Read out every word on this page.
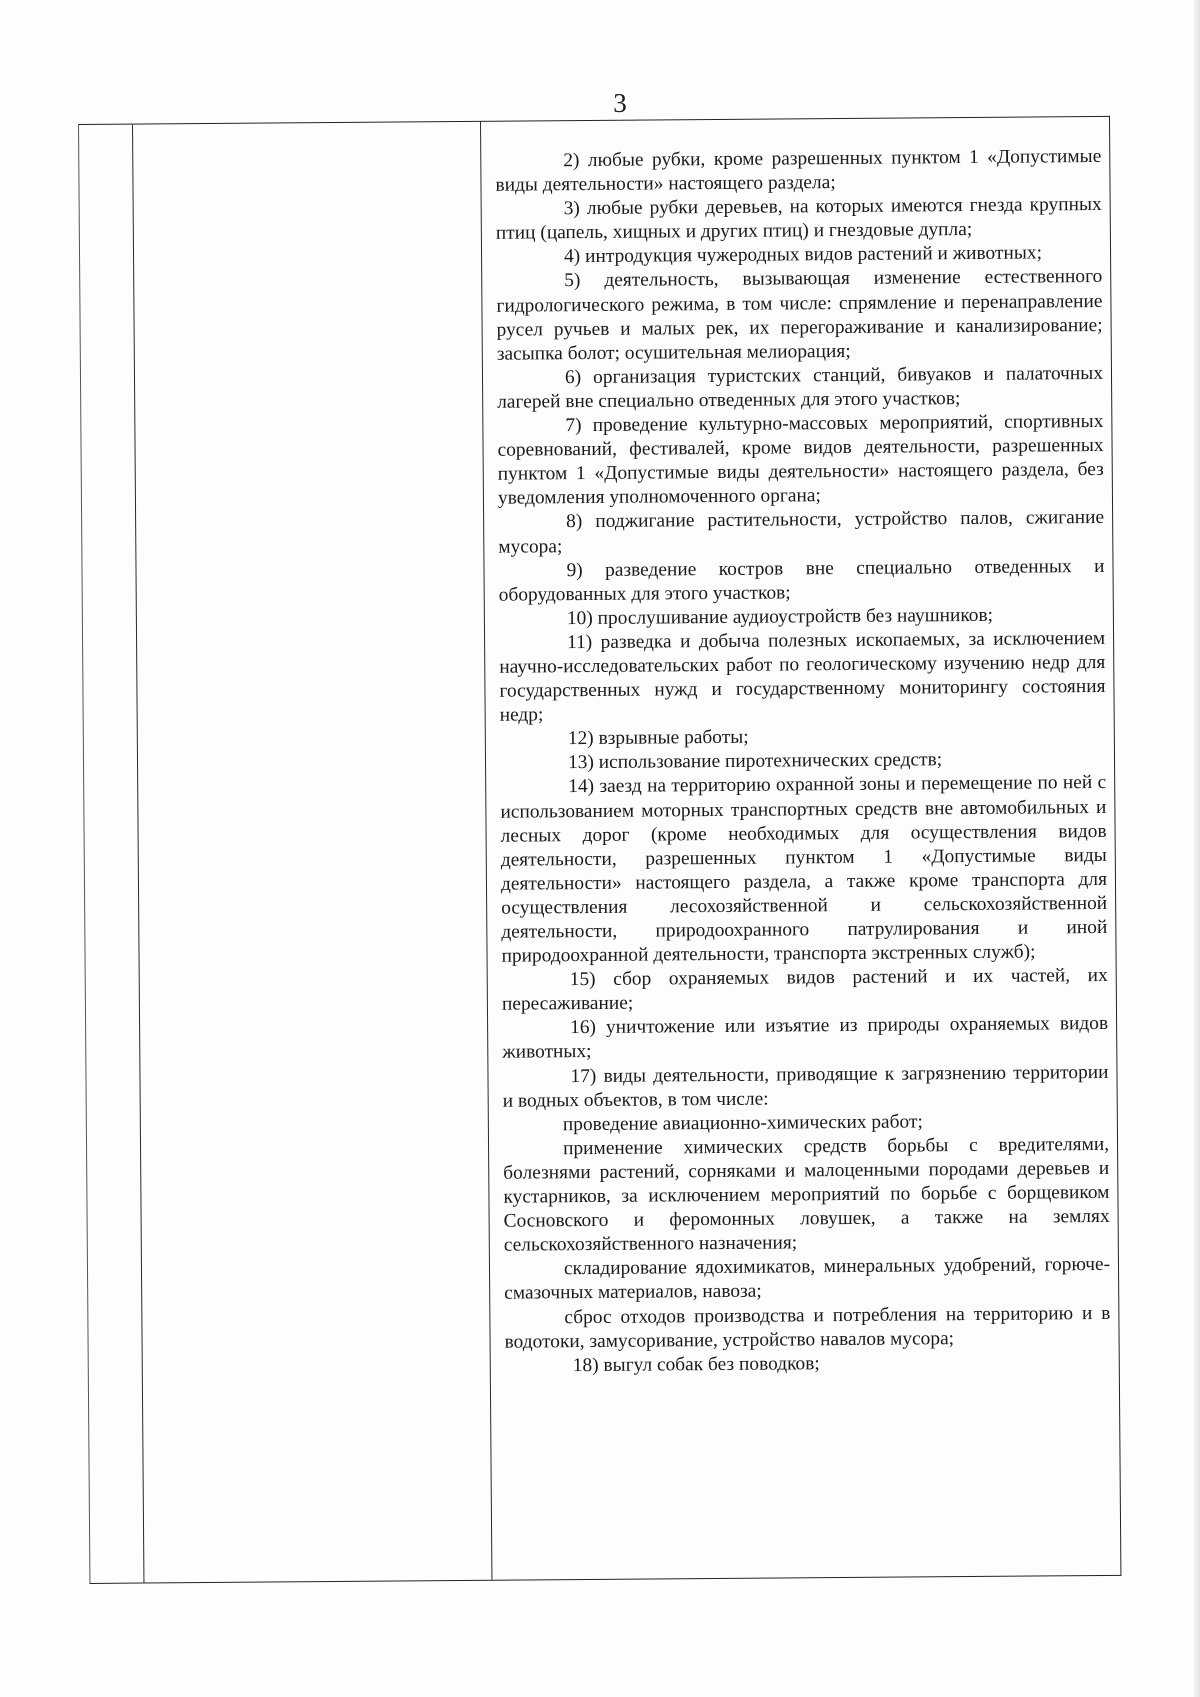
3

2) любые рубки, кроме разрешенных пунктом 1 «Допустимые виды деятельности» настоящего раздела;

3) любые рубки деревьев, на которых имеются гнезда крупных птиц (цапель, хищных и других птиц) и гнездовые дупла;

4) интродукция чужеродных видов растений и животных;

5) деятельность, вызывающая изменение естественного гидрологического режима, в том числе: спрямление и перенаправление русел ручьев и малых рек, их перегораживание и канализирование; засыпка болот; осушительная мелиорация;

6) организация туристских станций, бивуаков и палаточных лагерей вне специально отведенных для этого участков;

7) проведение культурно-массовых мероприятий, спортивных соревнований, фестивалей, кроме видов деятельности, разрешенных пунктом 1 «Допустимые виды деятельности» настоящего раздела, без уведомления уполномоченного органа;

8) поджигание растительности, устройство палов, сжигание мусора;

9) разведение костров вне специально отведенных и оборудованных для этого участков;

10) прослушивание аудиоустройств без наушников;

11) разведка и добыча полезных ископаемых, за исключением научно-исследовательских работ по геологическому изучению недр для государственных нужд и государственному мониторингу состояния недр;

12) взрывные работы;

13) использование пиротехнических средств;

14) заезд на территорию охранной зоны и перемещение по ней с использованием моторных транспортных средств вне автомобильных и лесных дорог (кроме необходимых для осуществления видов деятельности, разрешенных пунктом 1 «Допустимые виды деятельности» настоящего раздела, а также кроме транспорта для осуществления лесохозяйственной и сельскохозяйственной деятельности, природоохранного патрулирования и иной природоохранной деятельности, транспорта экстренных служб);

15) сбор охраняемых видов растений и их частей, их пересаживание;

16) уничтожение или изъятие из природы охраняемых видов животных;

17) виды деятельности, приводящие к загрязнению территории и водных объектов, в том числе:

проведение авиационно-химических работ;

применение химических средств борьбы с вредителями, болезнями растений, сорняками и малоценными породами деревьев и кустарников, за исключением мероприятий по борьбе с борщевиком Сосновского и феромонных ловушек, а также на землях сельскохозяйственного назначения;

складирование ядохимикатов, минеральных удобрений, горюче-смазочных материалов, навоза;

сброс отходов производства и потребления на территорию и в водотоки, замусоривание, устройство навалов мусора;

18) выгул собак без поводков;
